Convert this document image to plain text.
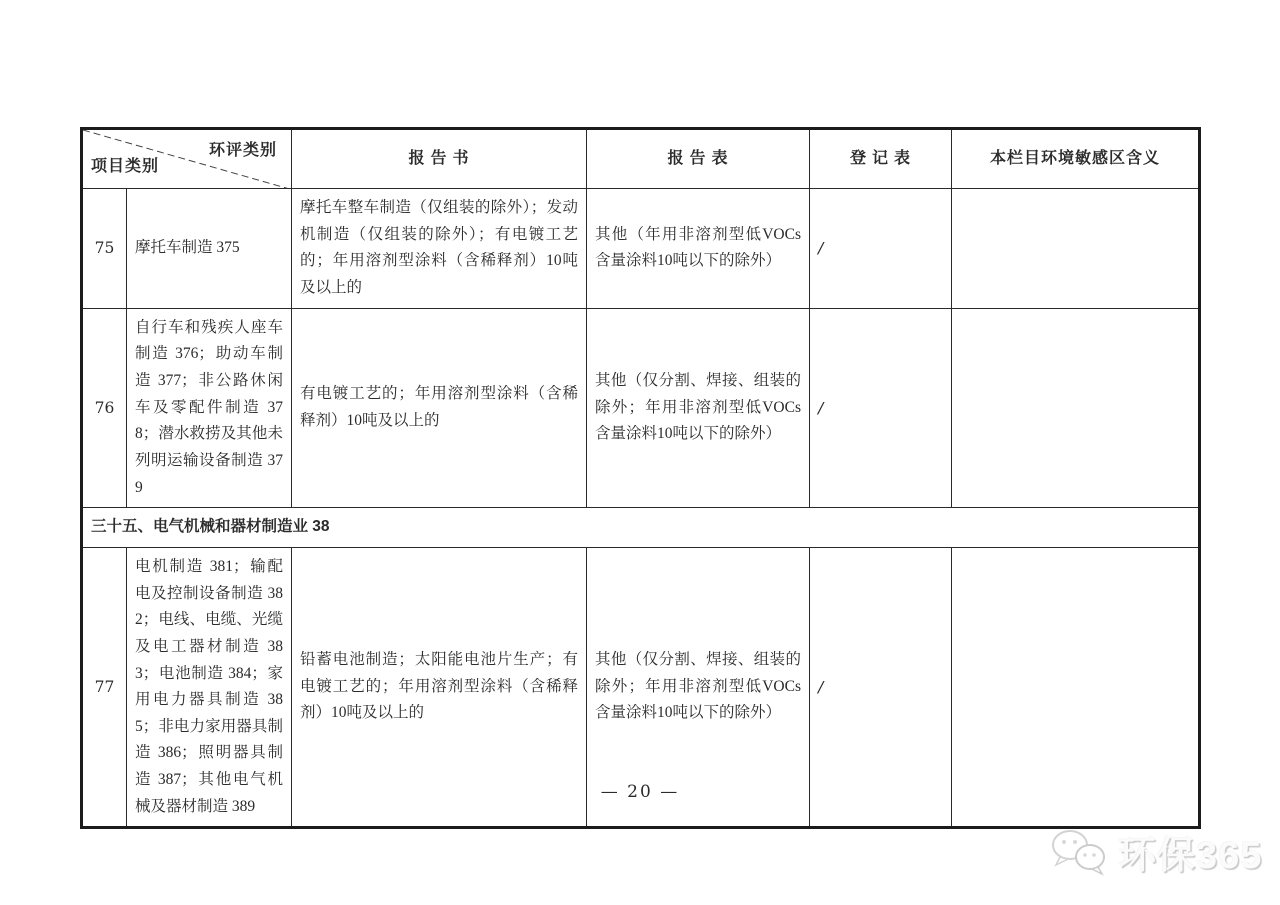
环评类别
项目类别		报 告 书	报 告 表	登 记 表	本栏目环境敏感区含义
75	摩托车制造 375	摩托车整车制造（仅组装的除外）；发动机制造（仅组装的除外）；有电镀工艺的；年用溶剂型涂料（含稀释剂）10吨及以上的	其他（年用非溶剂型低VOCs含量涂料10吨以下的除外）	/	
76	自行车和残疾人座车制造 376；助动车制造 377；非公路休闲车及零配件制造 378；潜水救捞及其他未列明运输设备制造 379	有电镀工艺的；年用溶剂型涂料（含稀释剂）10吨及以上的	其他（仅分割、焊接、组装的除外；年用非溶剂型低VOCs含量涂料10吨以下的除外）	/	
三十五、电气机械和器材制造业 38					
77	电机制造 381；输配电及控制设备制造 382；电线、电缆、光缆及电工器材制造 383；电池制造 384；家用电力器具制造 385；非电力家用器具制造 386；照明器具制造 387；其他电气机械及器材制造 389	铅蓄电池制造；太阳能电池片生产；有电镀工艺的；年用溶剂型涂料（含稀释剂）10吨及以上的	其他（仅分割、焊接、组装的除外；年用非溶剂型低VOCs含量涂料10吨以下的除外）	/	
— 20 —
环保365
